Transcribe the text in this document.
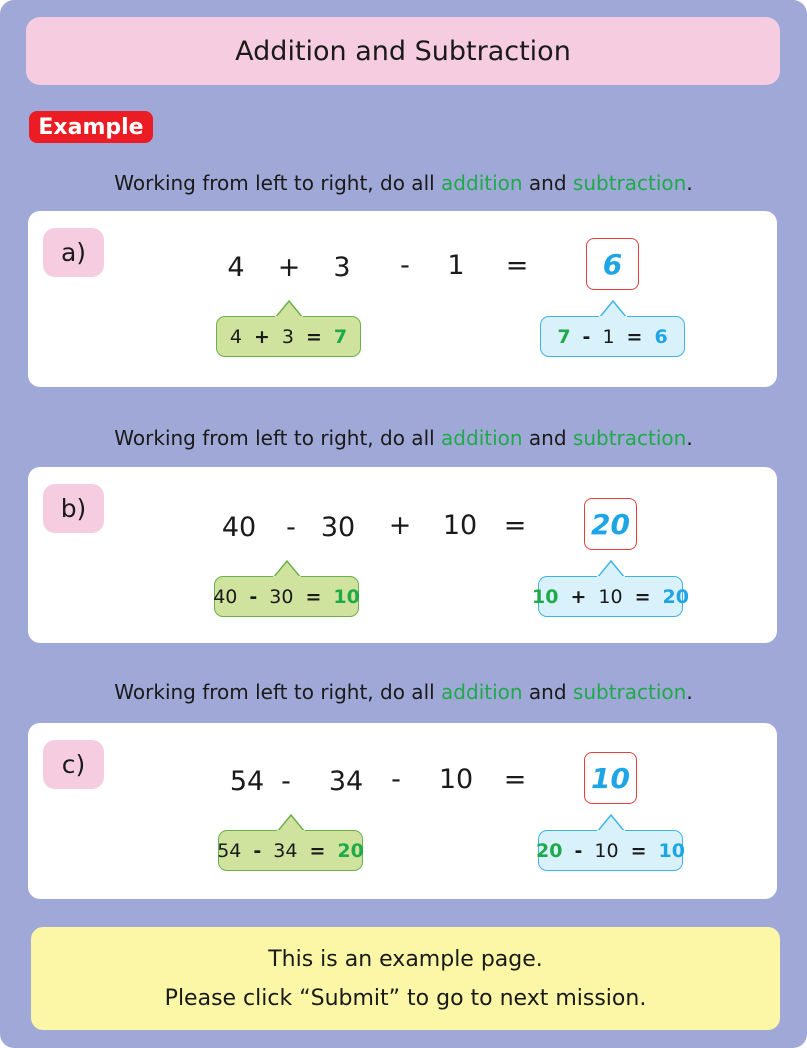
Addition and Subtraction
Example
Working from left to right, do all addition and subtraction.
a)	4 + 3 - 1 =	6
4 + 3 = 7	7 - 1 = 6
Working from left to right, do all addition and subtraction.
b)
40 - 30 + 10 = 20
40 - 30 = 10	10 + 10 = 20
Working from left to right, do all addition and subtraction.
c)
54 - 34 - 10 = 10
54 - 34 = 20	20 - 10 = 10
This is an example page.
Please click “Submit” to go to next mission.
